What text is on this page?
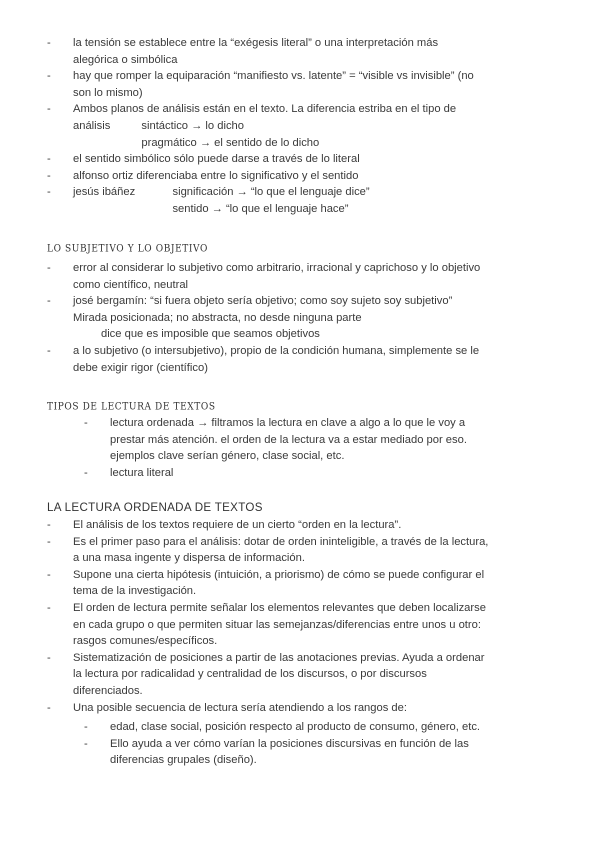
- la tensión se establece entre la “exégesis literal” o una interpretación más
alegórica o simbólica
- hay que romper la equiparación “manifiesto vs. latente” = “visible vs invisible” (no
son lo mismo)
- Ambos planos de análisis están en el texto. La diferencia estriba en el tipo de
análisis          sintáctico → lo dicho
pragmático → el sentido de lo dicho
- el sentido simbólico sólo puede darse a través de lo literal
- alfonso ortiz diferenciaba entre lo significativo y el sentido
- jesús ibáñez            significación → “lo que el lenguaje dice”
sentido → “lo que el lenguaje hace”
LO SUBJETIVO Y LO OBJETIVO
- error al considerar lo subjetivo como arbitrario, irracional y caprichoso y lo objetivo
como científico, neutral
- josé bergamín: “si fuera objeto sería objetivo; como soy sujeto soy subjetivo”
Mirada posicionada; no abstracta, no desde ninguna parte
dice que es imposible que seamos objetivos
- a lo subjetivo (o intersubjetivo), propio de la condición humana, simplemente se le
debe exigir rigor (científico)
TIPOS DE LECTURA DE TEXTOS
- lectura ordenada → filtramos la lectura en clave a algo a lo que le voy a
prestar más atención. el orden de la lectura va a estar mediado por eso.
ejemplos clave serían género, clase social, etc.
- lectura literal
LA LECTURA ORDENADA DE TEXTOS
- El análisis de los textos requiere de un cierto “orden en la lectura”.
- Es el primer paso para el análisis: dotar de orden ininteligible, a través de la lectura,
a una masa ingente y dispersa de información.
- Supone una cierta hipótesis (intuición, a priorismo) de cómo se puede configurar el
tema de la investigación.
- El orden de lectura permite señalar los elementos relevantes que deben localizarse
en cada grupo o que permiten situar las semejanzas/diferencias entre unos u otro:
rasgos comunes/específicos.
- Sistematización de posiciones a partir de las anotaciones previas. Ayuda a ordenar
la lectura por radicalidad y centralidad de los discursos, o por discursos
diferenciados.
- Una posible secuencia de lectura sería atendiendo a los rangos de:
- edad, clase social, posición respecto al producto de consumo, género, etc.
- Ello ayuda a ver cómo varían la posiciones discursivas en función de las
diferencias grupales (diseño).
